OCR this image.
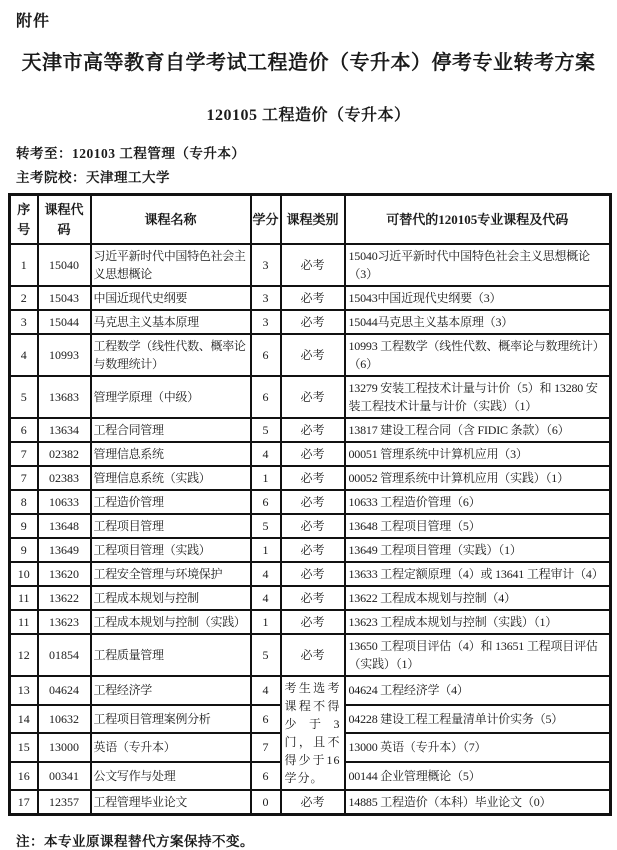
附件
天津市高等教育自学考试工程造价（专升本）停考专业转考方案
120105 工程造价（专升本）
转考至：120103 工程管理（专升本）
主考院校：天津理工大学
序号	课程代码	课程名称	学分	课程类别	可替代的120105专业课程及代码
1	15040	习近平新时代中国特色社会主义思想概论	3	必考	15040习近平新时代中国特色社会主义思想概论（3）
2	15043	中国近现代史纲要	3	必考	15043中国近现代史纲要（3）
3	15044	马克思主义基本原理	3	必考	15044马克思主义基本原理（3）
4	10993	工程数学（线性代数、概率论与数理统计）	6	必考	10993 工程数学（线性代数、概率论与数理统计）（6）
5	13683	管理学原理（中级）	6	必考	13279 安装工程技术计量与计价（5）和 13280 安装工程技术计量与计价（实践）（1）
6	13634	工程合同管理	5	必考	13817 建设工程合同（含 FIDIC 条款）（6）
7	02382	管理信息系统	4	必考	00051 管理系统中计算机应用（3）
7	02383	管理信息系统（实践）	1	必考	00052 管理系统中计算机应用（实践）（1）
8	10633	工程造价管理	6	必考	10633 工程造价管理（6）
9	13648	工程项目管理	5	必考	13648 工程项目管理（5）
9	13649	工程项目管理（实践）	1	必考	13649 工程项目管理（实践）（1）
10	13620	工程安全管理与环境保护	4	必考	13633 工程定额原理（4）或 13641 工程审计（4）
11	13622	工程成本规划与控制	4	必考	13622 工程成本规划与控制（4）
11	13623	工程成本规划与控制（实践）	1	必考	13623 工程成本规划与控制（实践）（1）
12	01854	工程质量管理	5	必考	13650 工程项目评估（4）和 13651 工程项目评估（实践）（1）
13	04624	工程经济学	4	考生选考课程不得少于3门，且不得少于16学分。	04624 工程经济学（4）
14	10632	工程项目管理案例分析	6		04228 建设工程工程量清单计价实务（5）
15	13000	英语（专升本）	7		13000 英语（专升本）（7）
16	00341	公文写作与处理	6		00144 企业管理概论（5）
17	12357	工程管理毕业论文	0	必考	14885 工程造价（本科）毕业论文（0）
注：本专业原课程替代方案保持不变。
